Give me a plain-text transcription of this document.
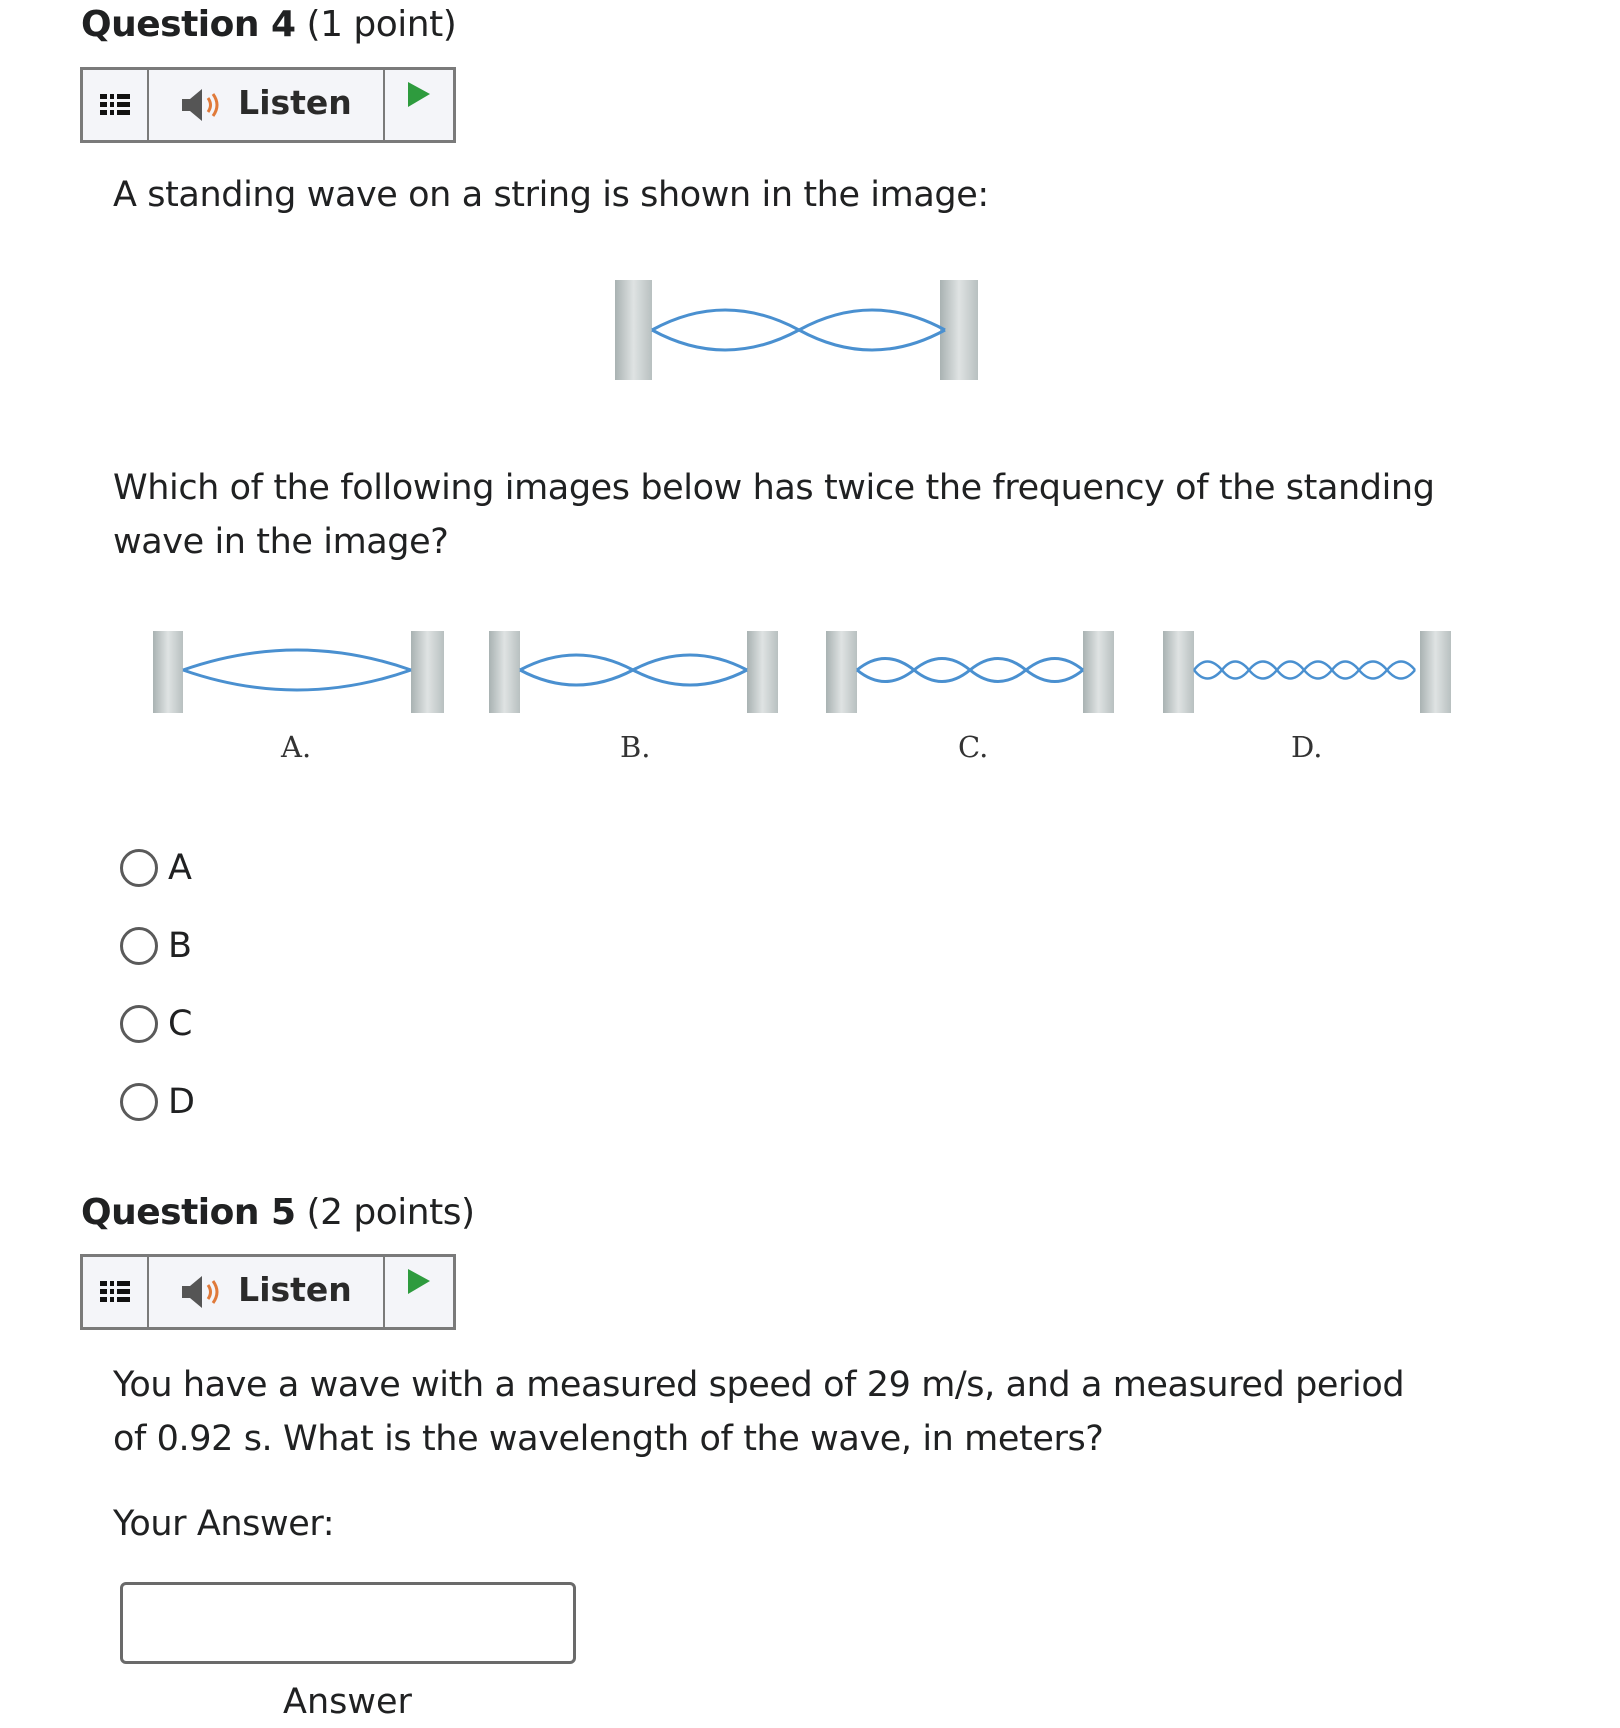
Question 4 (1 point)
Listen
A standing wave on a string is shown in the image:
Which of the following images below has twice the frequency of the standing wave in the image?
A.	B.	C.	D.
A
B
C
D
Question 5 (2 points)
Listen
You have a wave with a measured speed of 29 m/s, and a measured period of 0.92 s. What is the wavelength of the wave, in meters?
Your Answer:
Answer
